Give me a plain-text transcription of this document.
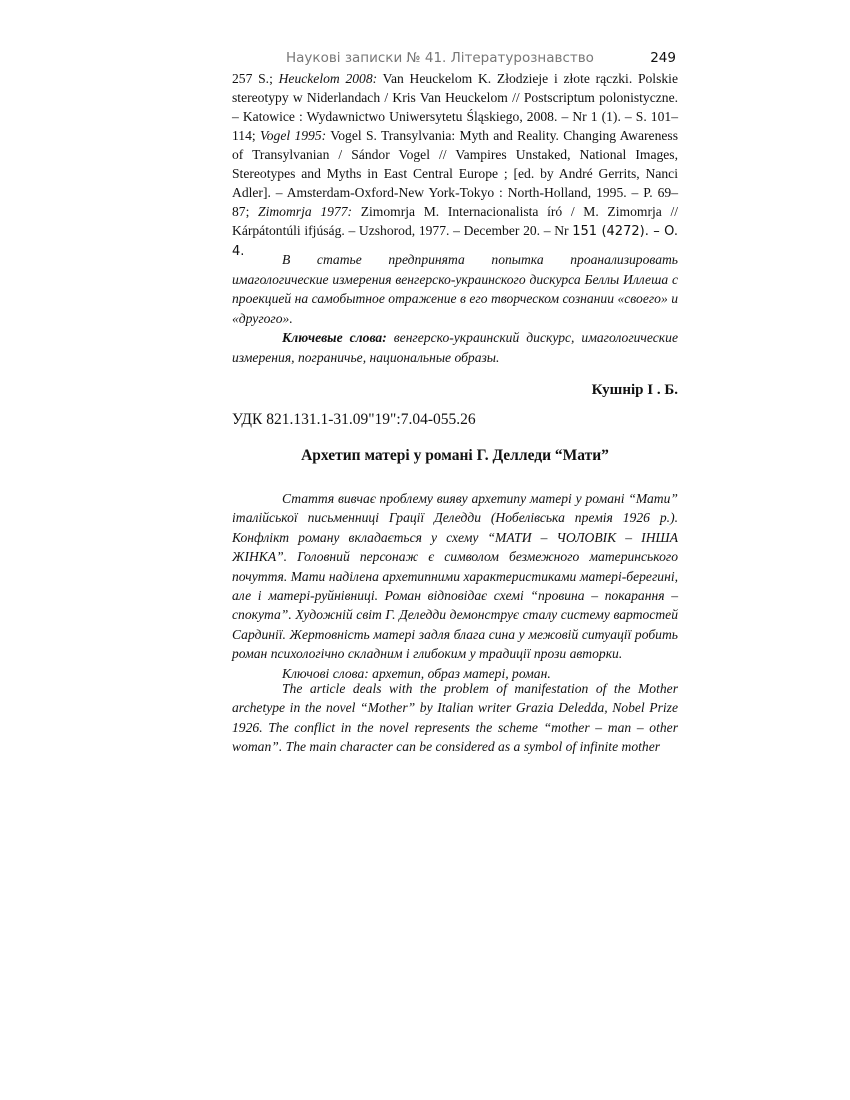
Наукові записки № 41. Літературознавство	249
257 S.; Heuckelom 2008: Van Heuckelom K. Złodzieje i złote rączki. Polskie stereotypy w Niderlandach / Kris Van Heuckelom // Postscriptum polonistyczne. – Katowice : Wydawnictwo Uniwersytetu Śląskiego, 2008. – Nr 1 (1). – S. 101–114; Vogel 1995: Vogel S. Transylvania: Myth and Reality. Changing Awareness of Transylvanian / Sándor Vogel // Vampires Unstaked, National Images, Stereotypes and Myths in East Central Europe ; [ed. by André Gerrits, Nanci Adler]. – Amsterdam-Oxford-New York-Tokyo : North-Holland, 1995. – P. 69–87; Zimomrja 1977: Zimomrja M. Internacionalista író / M. Zimomrja // Kárpátontúli ifjúság. – Uzshorod, 1977. – December 20. – Nr 151 (4272). – O. 4.

В статье предпринята попытка проанализировать имагологические измерения венгерско-украинского дискурса Беллы Иллеша с проекцией на самобытное отражение в его творческом сознании «своего» и «другого».

Ключевые слова: венгерско-украинский дискурс, имагологические измерения, пограничье, национальные образы.

Кушнір І . Б.
УДК 821.131.1-31.09"19":7.04-055.26
Архетип матері у романі Г. Делледи “Мати”

Стаття вивчає проблему вияву архетипу матері у романі “Мати” італійської письменниці Грації Деледди (Нобелівська премія 1926 р.). Конфлікт роману вкладається у схему “МАТИ – ЧОЛОВІК – ІНША ЖІНКА”. Головний персонаж є символом безмежного материнського почуття. Мати наділена архетипними характеристиками матері-берегині, але і матері-руйнівниці. Роман відповідає схемі “провина – покарання – спокута”. Художній світ Г. Деледди демонструє сталу систему вартостей Сардинії. Жертовність матері задля блага сина у межовій ситуації робить роман психологічно складним і глибоким у традиції прози авторки.

Ключові слова: архетип, образ матері, роман.

The article deals with the problem of manifestation of the Mother archetype in the novel “Mother” by Italian writer Grazia Deledda, Nobel Prize 1926. The conflict in the novel represents the scheme “mother – man – other woman”. The main character can be considered as a symbol of infinite mother
